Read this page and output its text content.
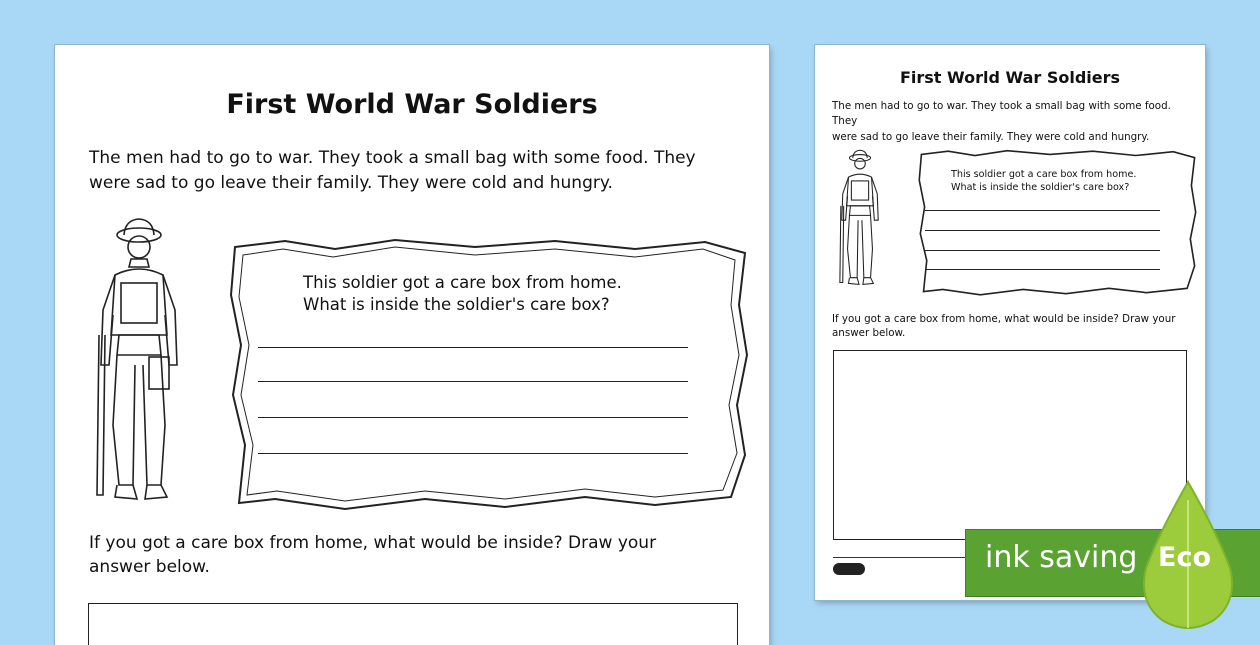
First World War Soldiers
The men had to go to war. They took a small bag with some food. They
were sad to go leave their family. They were cold and hungry.
This soldier got a care box from home.
What is inside the soldier's care box?
If you got a care box from home, what would be inside? Draw your
answer below.
First World War Soldiers
The men had to go to war. They took a small bag with some food. They
were sad to go leave their family. They were cold and hungry.
This soldier got a care box from home.
What is inside the soldier's care box?
If you got a care box from home, what would be inside? Draw your
answer below.
ink saving Eco
